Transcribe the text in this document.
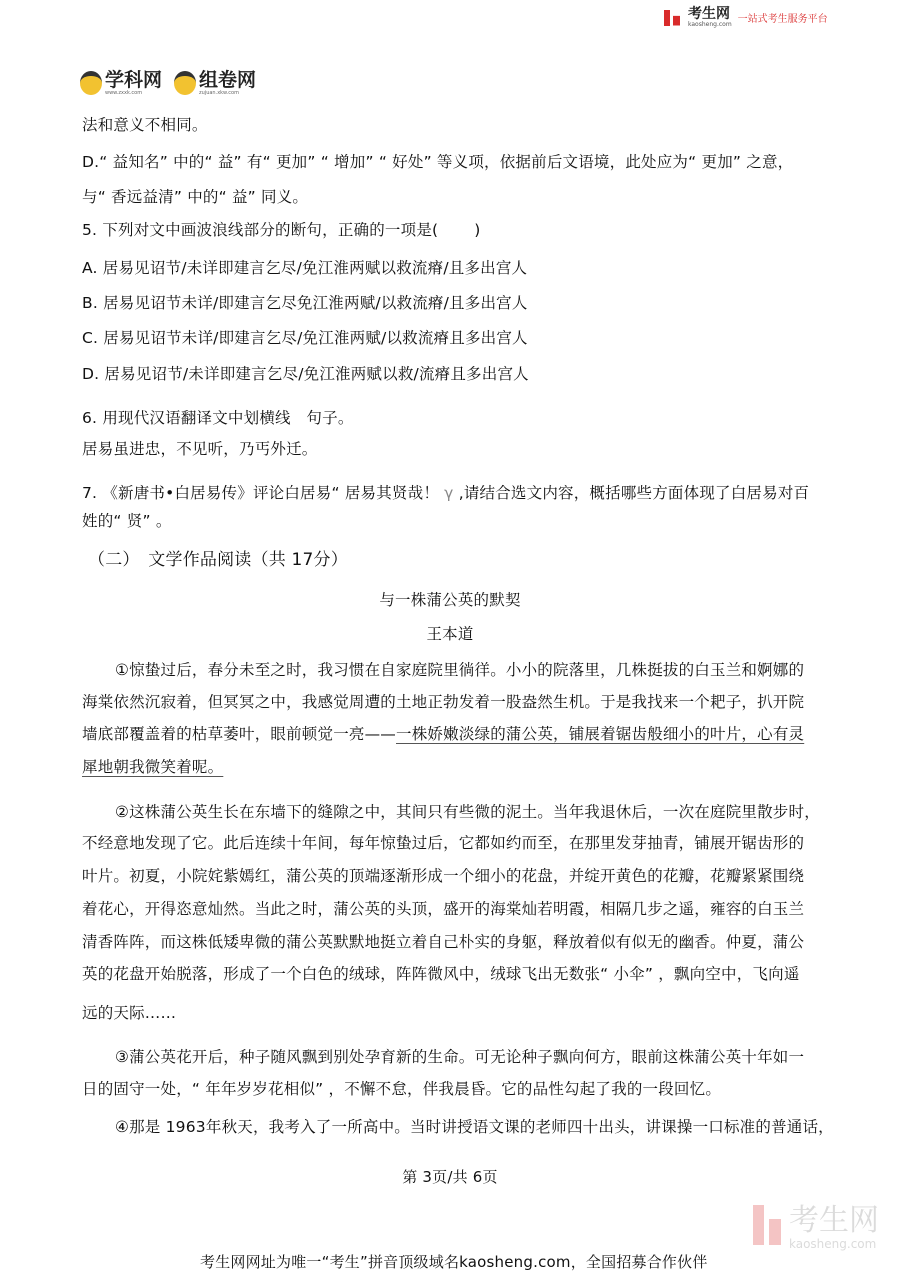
考生网
kaosheng.com 一站式考生服务平台
学科网
www.zxxk.com
组卷网
zujuan.xkw.com
法和意义不相同。
D.“ 益知名” 中的“ 益” 有“ 更加” “ 增加” “ 好处” 等义项，依据前后文语境，此处应为“ 更加” 之意，
与“ 香远益清” 中的“ 益” 同义。
5. 下列对文中画波浪线部分的断句，正确的一项是( )
A. 居易见诏节/未详即建言乞尽/免江淮两赋以救流瘠/且多出宫人
B. 居易见诏节未详/即建言乞尽免江淮两赋/以救流瘠/且多出宫人
C. 居易见诏节未详/即建言乞尽/免江淮两赋/以救流瘠且多出宫人
D. 居易见诏节/未详即建言乞尽/免江淮两赋以救/流瘠且多出宫人
6. 用现代汉语翻译文中划横线　句子。
居易虽进忠，不见听，乃丐外迁。
7. 《新唐书•白居易传》评论白居易“ 居易其贤哉！ γ ,请结合选文内容，概括哪些方面体现了白居易对百
姓的“ 贤” 。
（二）　文学作品阅读（共 17分）
与一株蒲公英的默契
王本道
①惊蛰过后，春分未至之时，我习惯在自家庭院里徜徉。小小的院落里，几株挺拔的白玉兰和婀娜的
海棠依然沉寂着，但冥冥之中，我感觉周遭的土地正勃发着一股盎然生机。于是我找来一个耙子，扒开院
墙底部覆盖着的枯草萎叶，眼前顿觉一亮——一株娇嫩淡绿的蒲公英，铺展着锯齿般细小的叶片，心有灵
犀地朝我微笑着呢。
②这株蒲公英生长在东墙下的缝隙之中，其间只有些微的泥土。当年我退休后，一次在庭院里散步时，
不经意地发现了它。此后连续十年间，每年惊蛰过后，它都如约而至，在那里发芽抽青，铺展开锯齿形的
叶片。初夏，小院姹紫嫣红，蒲公英的顶端逐渐形成一个细小的花盘，并绽开黄色的花瓣，花瓣紧紧围绕
着花心，开得恣意灿然。当此之时，蒲公英的头顶，盛开的海棠灿若明霞，相隔几步之遥，雍容的白玉兰
清香阵阵，而这株低矮卑微的蒲公英默默地挺立着自己朴实的身躯，释放着似有似无的幽香。仲夏，蒲公
英的花盘开始脱落，形成了一个白色的绒球，阵阵微风中，绒球飞出无数张“ 小伞” ，飘向空中，飞向遥
远的天际……
③蒲公英花开后，种子随风飘到别处孕育新的生命。可无论种子飘向何方，眼前这株蒲公英十年如一
日的固守一处，“ 年年岁岁花相似” ，不懈不怠，伴我晨昏。它的品性勾起了我的一段回忆。
④那是 1963年秋天，我考入了一所高中。当时讲授语文课的老师四十出头，讲课操一口标准的普通话，
第 3页/共 6页
考生网
kaosheng.com
考生网网址为唯一“考生”拼音顶级域名kaosheng.com，全国招募合作伙伴
